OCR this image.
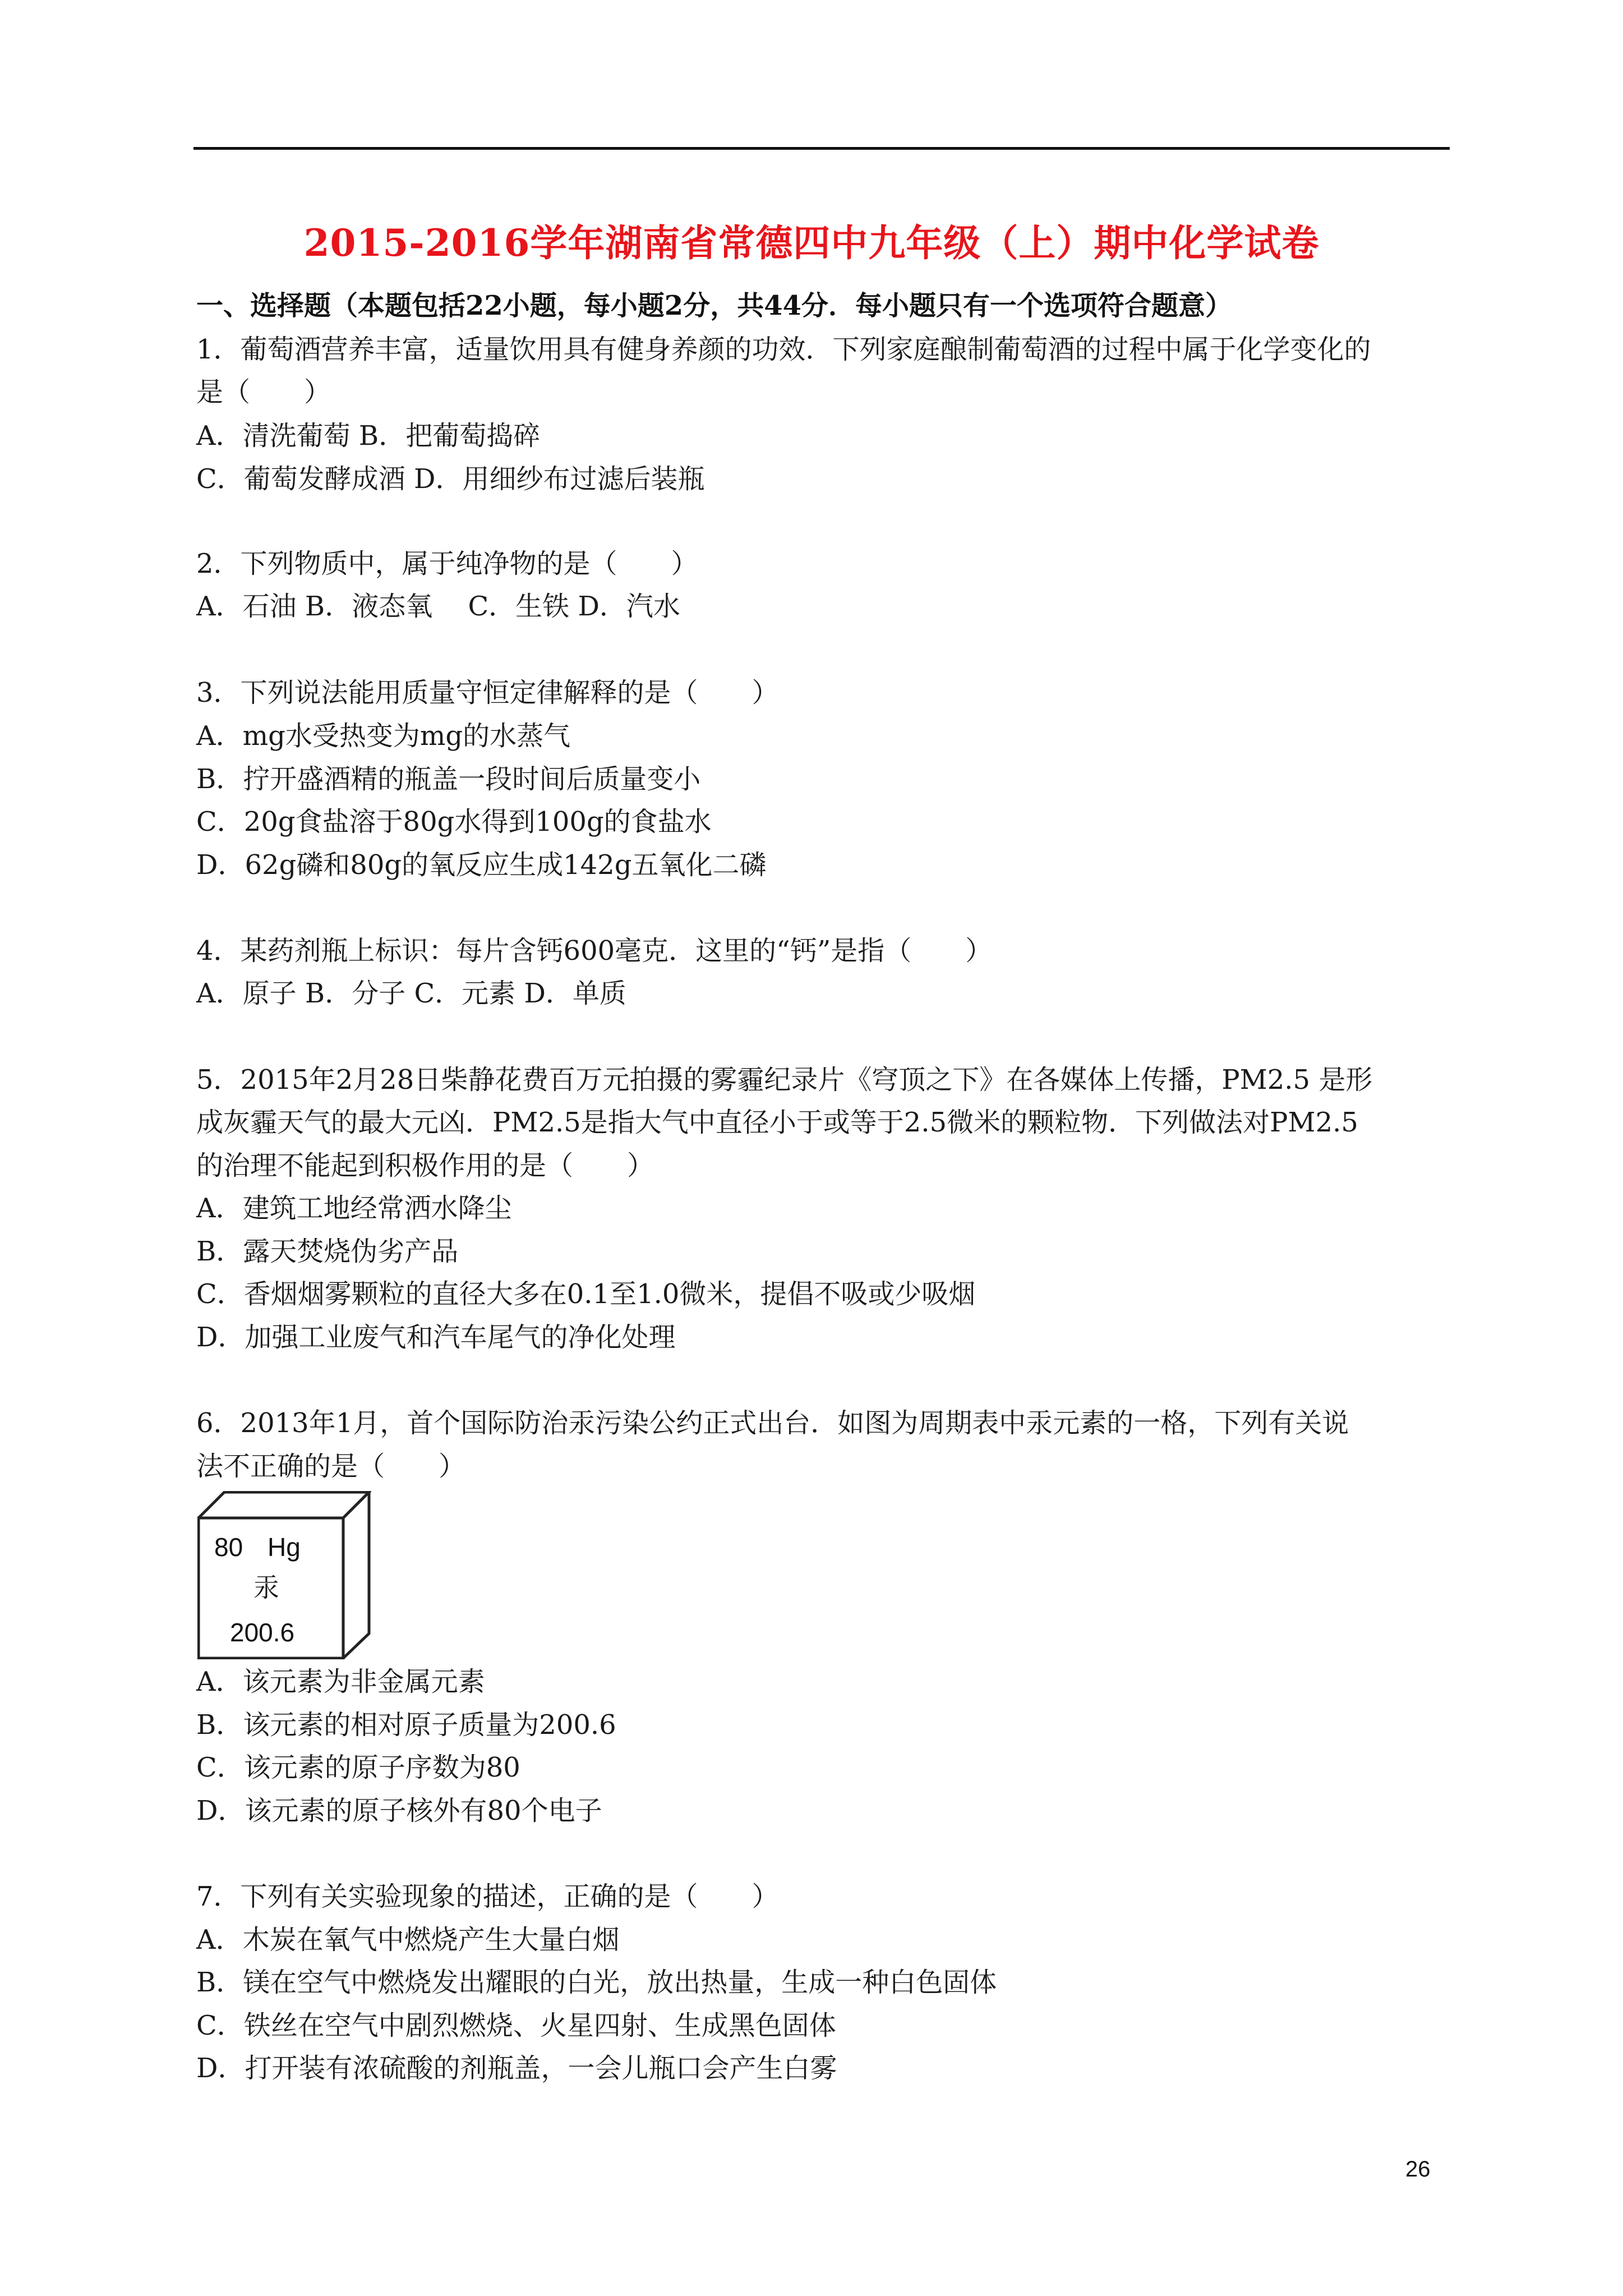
2015-2016学年湖南省常德四中九年级（上）期中化学试卷
一、选择题（本题包括22小题，每小题2分，共44分．每小题只有一个选项符合题意）
1．葡萄酒营养丰富，适量饮用具有健身养颜的功效．下列家庭酿制葡萄酒的过程中属于化学变化的
是（　　）
A．清洗葡萄 B．把葡萄捣碎
C．葡萄发酵成酒 D．用细纱布过滤后装瓶
2．下列物质中，属于纯净物的是（　　）
A．石油 B．液态氧　 C．生铁 D．汽水
3．下列说法能用质量守恒定律解释的是（　　）
A．mg水受热变为mg的水蒸气
B．拧开盛酒精的瓶盖一段时间后质量变小
C．20g食盐溶于80g水得到100g的食盐水
D．62g磷和80g的氧反应生成142g五氧化二磷
4．某药剂瓶上标识：每片含钙600毫克．这里的“钙”是指（　　）
A．原子 B．分子 C．元素 D．单质
5．2015年2月28日柴静花费百万元拍摄的雾霾纪录片《穹顶之下》在各媒体上传播，PM2.5 是形
成灰霾天气的最大元凶．PM2.5是指大气中直径小于或等于2.5微米的颗粒物．下列做法对PM2.5
的治理不能起到积极作用的是（　　）
A．建筑工地经常洒水降尘
B．露天焚烧伪劣产品
C．香烟烟雾颗粒的直径大多在0.1至1.0微米，提倡不吸或少吸烟
D．加强工业废气和汽车尾气的净化处理
6．2013年1月，首个国际防治汞污染公约正式出台．如图为周期表中汞元素的一格，下列有关说
法不正确的是（　　）
80 Hg
汞
200.6
A．该元素为非金属元素
B．该元素的相对原子质量为200.6
C．该元素的原子序数为80
D．该元素的原子核外有80个电子
7．下列有关实验现象的描述，正确的是（　　）
A．木炭在氧气中燃烧产生大量白烟
B．镁在空气中燃烧发出耀眼的白光，放出热量，生成一种白色固体
C．铁丝在空气中剧烈燃烧、火星四射、生成黑色固体
D．打开装有浓硫酸的剂瓶盖，一会儿瓶口会产生白雾
26
